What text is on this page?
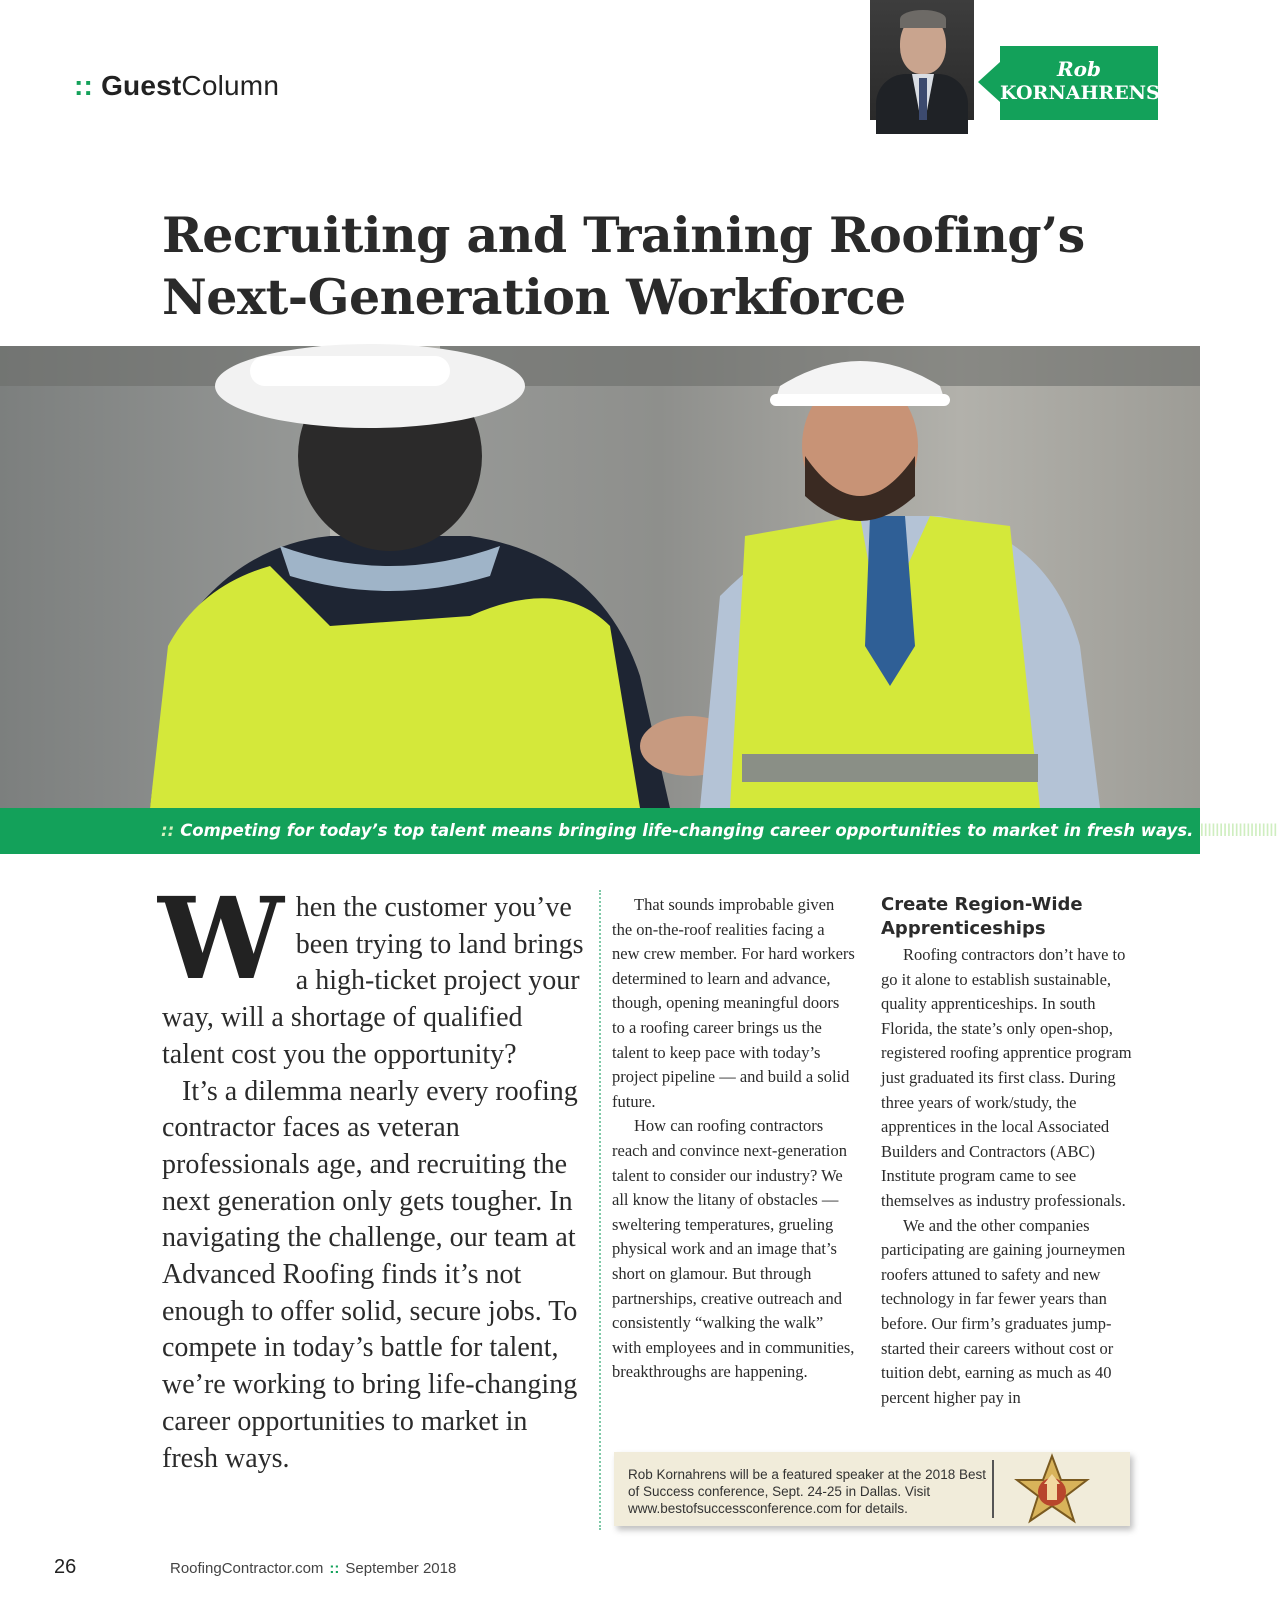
:: GuestColumn
Rob
KORNAHRENS
Recruiting and Training Roofing’s
Next-Generation Workforce
:: Competing for today’s top talent means bringing life-changing career opportunities to market in fresh ways. IIIIIIIIIIIIIIIIIIII
W hen the customer you’ve been trying to land brings a high-ticket project your way, will a shortage of qualified talent cost you the opportunity?

It’s a dilemma nearly every roofing contractor faces as veteran professionals age, and recruiting the next generation only gets tougher. In navigating the challenge, our team at Advanced Roofing finds it’s not enough to offer solid, secure jobs. To compete in today’s battle for talent, we’re working to bring life-changing career opportunities to market in fresh ways.

That sounds improbable given the on-the-roof realities facing a new crew member. For hard workers determined to learn and advance, though, opening meaningful doors to a roofing career brings us the talent to keep pace with today’s project pipeline — and build a solid future.

How can roofing contractors reach and convince next-generation talent to consider our industry? We all know the litany of obstacles — sweltering temperatures, grueling physical work and an image that’s short on glamour. But through partnerships, creative outreach and consistently “walking the walk” with employees and in communities, breakthroughs are happening.

Create Region-Wide Apprenticeships

Roofing contractors don’t have to go it alone to establish sustainable, quality apprenticeships. In south Florida, the state’s only open-shop, registered roofing apprentice program just graduated its first class. During three years of work/study, the apprentices in the local Associated Builders and Contractors (ABC) Institute program came to see themselves as industry professionals.

We and the other companies participating are gaining journeymen roofers attuned to safety and new technology in far fewer years than before. Our firm’s graduates jump-started their careers without cost or tuition debt, earning as much as 40 percent higher pay in

Rob Kornahrens will be a featured speaker at the 2018 Best of Success conference, Sept. 24-25 in Dallas. Visit www.bestofsuccessconference.com for details.
26	RoofingContractor.com :: September 2018
